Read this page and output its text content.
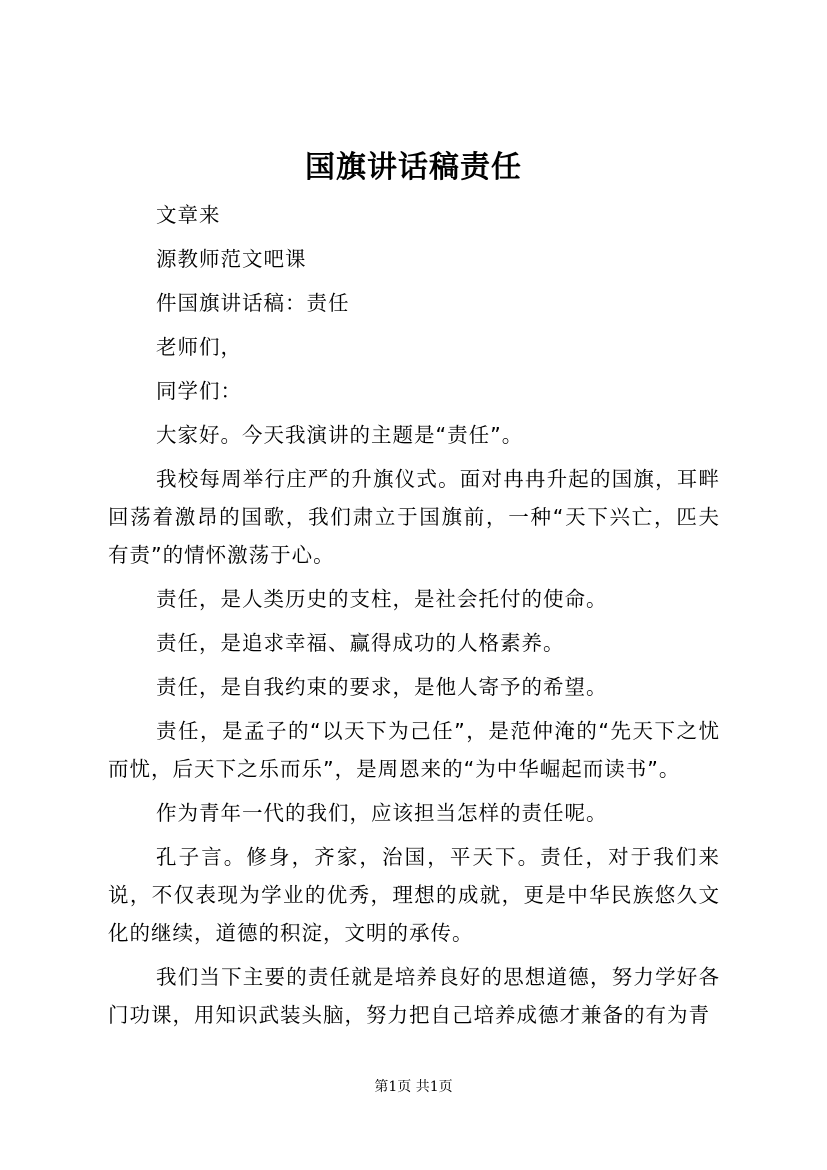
国旗讲话稿责任

文章来

源教师范文吧课

件国旗讲话稿：责任

老师们，

同学们：

大家好。今天我演讲的主题是“责任”。

我校每周举行庄严的升旗仪式。面对冉冉升起的国旗，耳畔回荡着激昂的国歌，我们肃立于国旗前，一种“天下兴亡，匹夫有责”的情怀激荡于心。

责任，是人类历史的支柱，是社会托付的使命。

责任，是追求幸福、赢得成功的人格素养。

责任，是自我约束的要求，是他人寄予的希望。

责任，是孟子的“以天下为己任”，是范仲淹的“先天下之忧而忧，后天下之乐而乐”，是周恩来的“为中华崛起而读书”。

作为青年一代的我们，应该担当怎样的责任呢。

孔子言。修身，齐家，治国，平天下。责任，对于我们来说，不仅表现为学业的优秀，理想的成就，更是中华民族悠久文化的继续，道德的积淀，文明的承传。

我们当下主要的责任就是培养良好的思想道德，努力学好各门功课，用知识武装头脑，努力把自己培养成德才兼备的有为青

第1页 共1页
